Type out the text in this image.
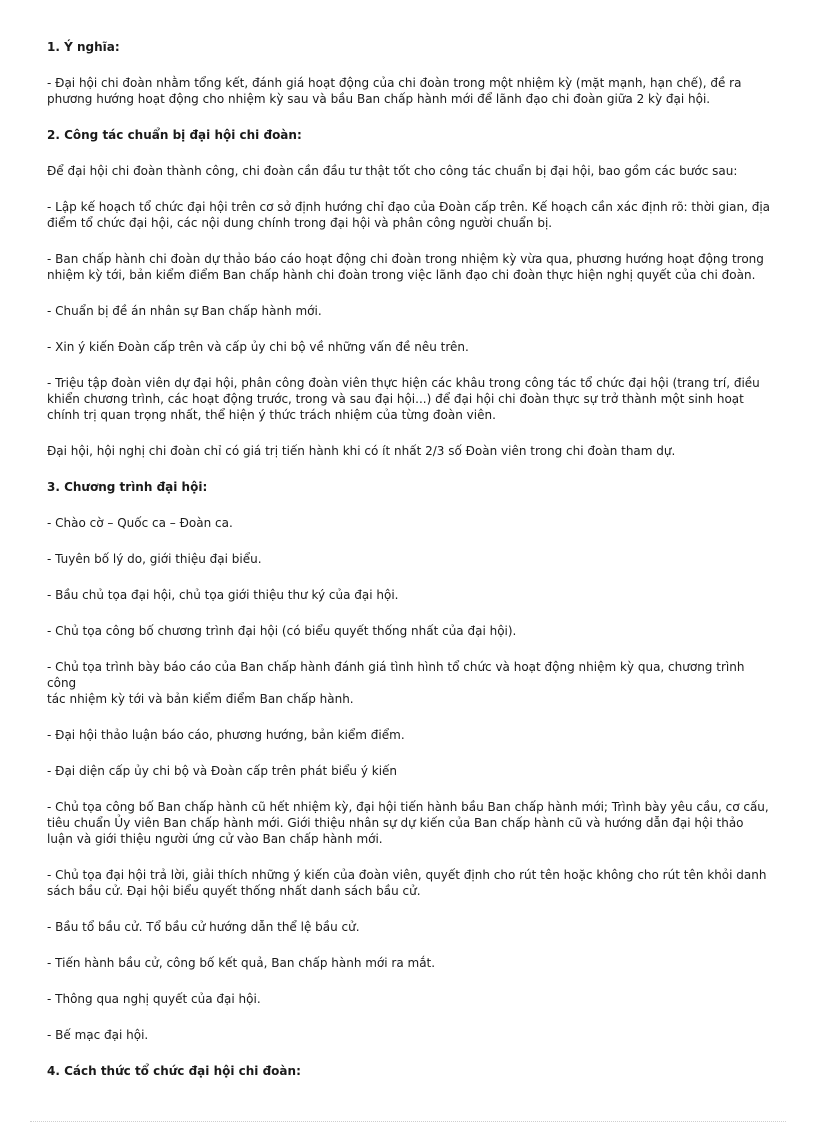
1. Ý nghĩa:

- Đại hội chi đoàn nhằm tổng kết, đánh giá hoạt động của chi đoàn trong một nhiệm kỳ (mặt mạnh, hạn chế), đề ra
phương hướng hoạt động cho nhiệm kỳ sau và bầu Ban chấp hành mới để lãnh đạo chi đoàn giữa 2 kỳ đại hội.

2. Công tác chuẩn bị đại hội chi đoàn:

Để đại hội chi đoàn thành công, chi đoàn cần đầu tư thật tốt cho công tác chuẩn bị đại hội, bao gồm các bước sau:

- Lập kế hoạch tổ chức đại hội trên cơ sở định hướng chỉ đạo của Đoàn cấp trên. Kế hoạch cần xác định rõ: thời gian, địa
điểm tổ chức đại hội, các nội dung chính trong đại hội và phân công người chuẩn bị.

- Ban chấp hành chi đoàn dự thảo báo cáo hoạt động chi đoàn trong nhiệm kỳ vừa qua, phương hướng hoạt động trong
nhiệm kỳ tới, bản kiểm điểm Ban chấp hành chi đoàn trong việc lãnh đạo chi đoàn thực hiện nghị quyết của chi đoàn.

- Chuẩn bị đề án nhân sự Ban chấp hành mới.

- Xin ý kiến Đoàn cấp trên và cấp ủy chi bộ về những vấn đề nêu trên.

- Triệu tập đoàn viên dự đại hội, phân công đoàn viên thực hiện các khâu trong công tác tổ chức đại hội (trang trí, điều
khiển chương trình, các hoạt động trước, trong và sau đại hội...) để đại hội chi đoàn thực sự trở thành một sinh hoạt
chính trị quan trọng nhất, thể hiện ý thức trách nhiệm của từng đoàn viên.

Đại hội, hội nghị chi đoàn chỉ có giá trị tiến hành khi có ít nhất 2/3 số Đoàn viên trong chi đoàn tham dự.

3. Chương trình đại hội:

- Chào cờ – Quốc ca – Đoàn ca.

- Tuyên bố lý do, giới thiệu đại biểu.

- Bầu chủ tọa đại hội, chủ tọa giới thiệu thư ký của đại hội.

- Chủ tọa công bố chương trình đại hội (có biểu quyết thống nhất của đại hội).

- Chủ tọa trình bày báo cáo của Ban chấp hành đánh giá tình hình tổ chức và hoạt động nhiệm kỳ qua, chương trình công
tác nhiệm kỳ tới và bản kiểm điểm Ban chấp hành.

- Đại hội thảo luận báo cáo, phương hướng, bản kiểm điểm.

- Đại diện cấp ủy chi bộ và Đoàn cấp trên phát biểu ý kiến

- Chủ tọa công bố Ban chấp hành cũ hết nhiệm kỳ, đại hội tiến hành bầu Ban chấp hành mới; Trình bày yêu cầu, cơ cấu,
tiêu chuẩn Ủy viên Ban chấp hành mới. Giới thiệu nhân sự dự kiến của Ban chấp hành cũ và hướng dẫn đại hội thảo
luận và giới thiệu người ứng cử vào Ban chấp hành mới.

- Chủ tọa đại hội trả lời, giải thích những ý kiến của đoàn viên, quyết định cho rút tên hoặc không cho rút tên khỏi danh
sách bầu cử. Đại hội biểu quyết thống nhất danh sách bầu cử.

- Bầu tổ bầu cử. Tổ bầu cử hướng dẫn thể lệ bầu cử.

- Tiến hành bầu cử, công bố kết quả, Ban chấp hành mới ra mắt.

- Thông qua nghị quyết của đại hội.

- Bế mạc đại hội.

4. Cách thức tổ chức đại hội chi đoàn:
